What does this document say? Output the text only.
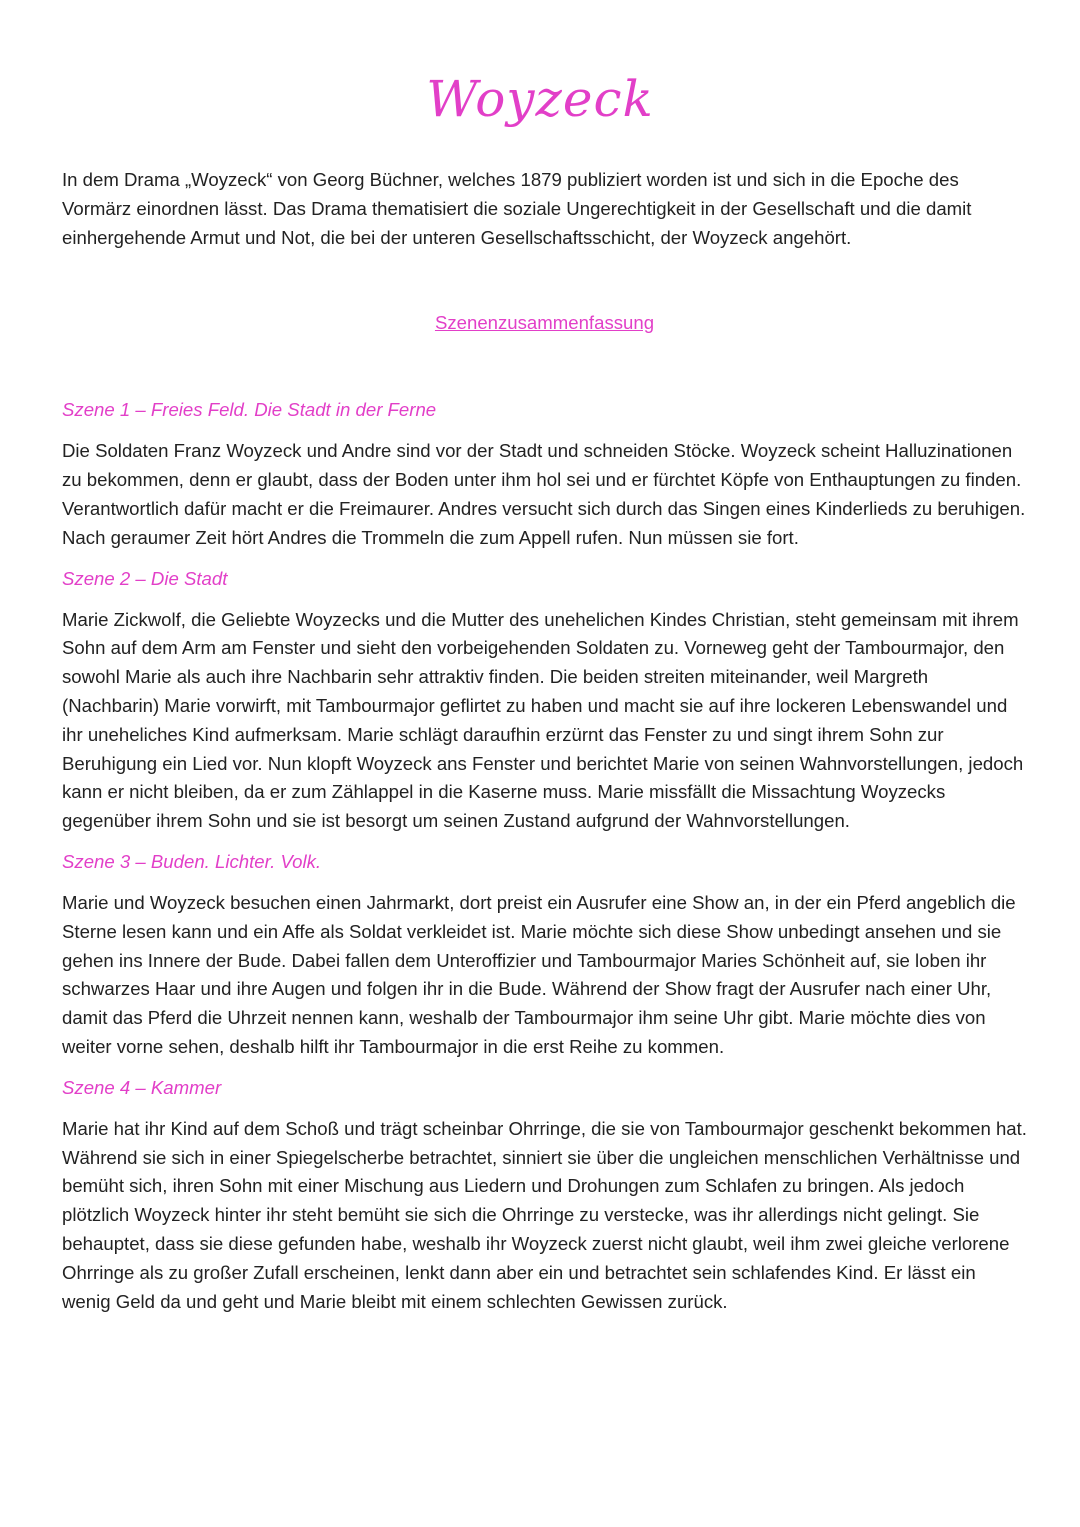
Woyzeck

In dem Drama „Woyzeck“ von Georg Büchner, welches 1879 publiziert worden ist und sich in die Epoche des Vormärz einordnen lässt. Das Drama thematisiert die soziale Ungerechtigkeit in der Gesellschaft und die damit einhergehende Armut und Not, die bei der unteren Gesellschaftsschicht, der Woyzeck angehört.

Szenenzusammenfassung
Szene 1 – Freies Feld. Die Stadt in der Ferne

Die Soldaten Franz Woyzeck und Andre sind vor der Stadt und schneiden Stöcke. Woyzeck scheint Halluzinationen zu bekommen, denn er glaubt, dass der Boden unter ihm hol sei und er fürchtet Köpfe von Enthauptungen zu finden. Verantwortlich dafür macht er die Freimaurer. Andres versucht sich durch das Singen eines Kinderlieds zu beruhigen. Nach geraumer Zeit hört Andres die Trommeln die zum Appell rufen. Nun müssen sie fort.

Szene 2 – Die Stadt

Marie Zickwolf, die Geliebte Woyzecks und die Mutter des unehelichen Kindes Christian, steht gemeinsam mit ihrem Sohn auf dem Arm am Fenster und sieht den vorbeigehenden Soldaten zu. Vorneweg geht der Tambourmajor, den sowohl Marie als auch ihre Nachbarin sehr attraktiv finden. Die beiden streiten miteinander, weil Margreth (Nachbarin) Marie vorwirft, mit Tambourmajor geflirtet zu haben und macht sie auf ihre lockeren Lebenswandel und ihr uneheliches Kind aufmerksam. Marie schlägt daraufhin erzürnt das Fenster zu und singt ihrem Sohn zur Beruhigung ein Lied vor. Nun klopft Woyzeck ans Fenster und berichtet Marie von seinen Wahnvorstellungen, jedoch kann er nicht bleiben, da er zum Zählappel in die Kaserne muss. Marie missfällt die Missachtung Woyzecks gegenüber ihrem Sohn und sie ist besorgt um seinen Zustand aufgrund der Wahnvorstellungen.

Szene 3 – Buden. Lichter. Volk.

Marie und Woyzeck besuchen einen Jahrmarkt, dort preist ein Ausrufer eine Show an, in der ein Pferd angeblich die Sterne lesen kann und ein Affe als Soldat verkleidet ist. Marie möchte sich diese Show unbedingt ansehen und sie gehen ins Innere der Bude. Dabei fallen dem Unteroffizier und Tambourmajor Maries Schönheit auf, sie loben ihr schwarzes Haar und ihre Augen und folgen ihr in die Bude. Während der Show fragt der Ausrufer nach einer Uhr, damit das Pferd die Uhrzeit nennen kann, weshalb der Tambourmajor ihm seine Uhr gibt. Marie möchte dies von weiter vorne sehen, deshalb hilft ihr Tambourmajor in die erst Reihe zu kommen.

Szene 4 – Kammer

Marie hat ihr Kind auf dem Schoß und trägt scheinbar Ohrringe, die sie von Tambourmajor geschenkt bekommen hat. Während sie sich in einer Spiegelscherbe betrachtet, sinniert sie über die ungleichen menschlichen Verhältnisse und bemüht sich, ihren Sohn mit einer Mischung aus Liedern und Drohungen zum Schlafen zu bringen. Als jedoch plötzlich Woyzeck hinter ihr steht bemüht sie sich die Ohrringe zu verstecke, was ihr allerdings nicht gelingt. Sie behauptet, dass sie diese gefunden habe, weshalb ihr Woyzeck zuerst nicht glaubt, weil ihm zwei gleiche verlorene Ohrringe als zu großer Zufall erscheinen, lenkt dann aber ein und betrachtet sein schlafendes Kind. Er lässt ein wenig Geld da und geht und Marie bleibt mit einem schlechten Gewissen zurück.
